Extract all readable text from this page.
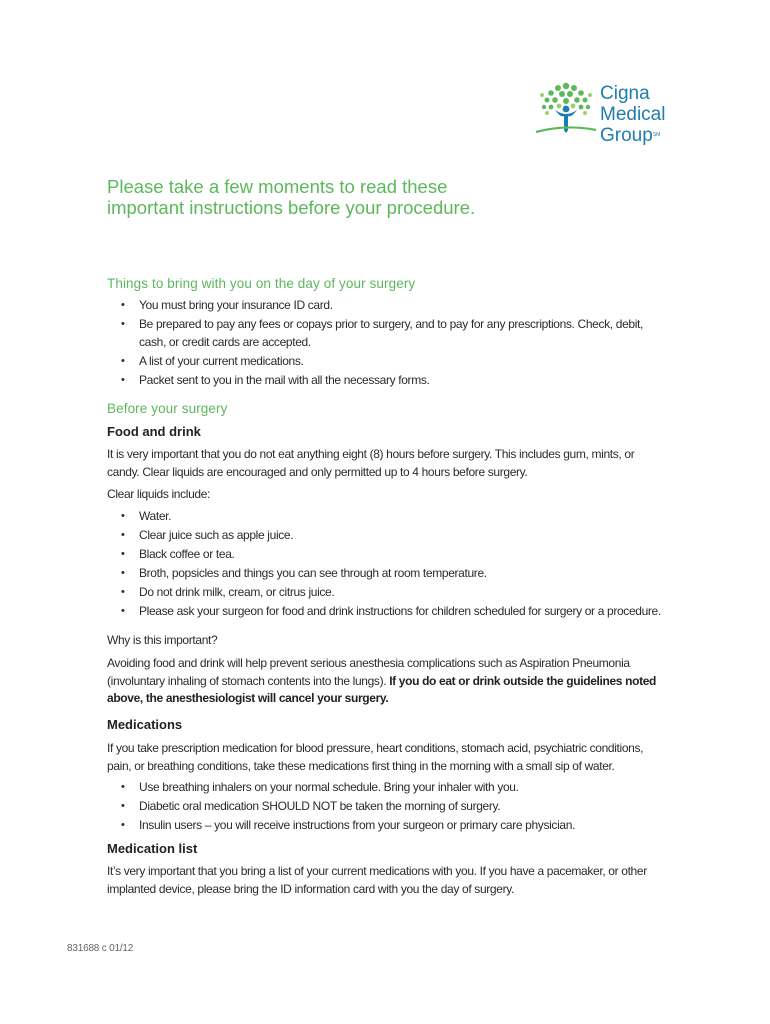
Cigna
Medical
GroupSM
Please take a few moments to read these
important instructions before your procedure.
Things to bring with you on the day of your surgery
• You must bring your insurance ID card.
• Be prepared to pay any fees or copays prior to surgery, and to pay for any prescriptions. Check, debit, cash, or credit cards are accepted.
• A list of your current medications.
• Packet sent to you in the mail with all the necessary forms.
Before your surgery
Food and drink

It is very important that you do not eat anything eight (8) hours before surgery. This includes gum, mints, or candy. Clear liquids are encouraged and only permitted up to 4 hours before surgery.

Clear liquids include:

• Water.
• Clear juice such as apple juice.
• Black coffee or tea.
• Broth, popsicles and things you can see through at room temperature.
• Do not drink milk, cream, or citrus juice.
• Please ask your surgeon for food and drink instructions for children scheduled for surgery or a procedure.

Why is this important?

Avoiding food and drink will help prevent serious anesthesia complications such as Aspiration Pneumonia (involuntary inhaling of stomach contents into the lungs). If you do eat or drink outside the guidelines noted above, the anesthesiologist will cancel your surgery.

Medications

If you take prescription medication for blood pressure, heart conditions, stomach acid, psychiatric conditions, pain, or breathing conditions, take these medications first thing in the morning with a small sip of water.

• Use breathing inhalers on your normal schedule. Bring your inhaler with you.
• Diabetic oral medication SHOULD NOT be taken the morning of surgery.
• Insulin users – you will receive instructions from your surgeon or primary care physician.
Medication list

It’s very important that you bring a list of your current medications with you. If you have a pacemaker, or other implanted device, please bring the ID information card with you the day of surgery.

831688 c 01/12
